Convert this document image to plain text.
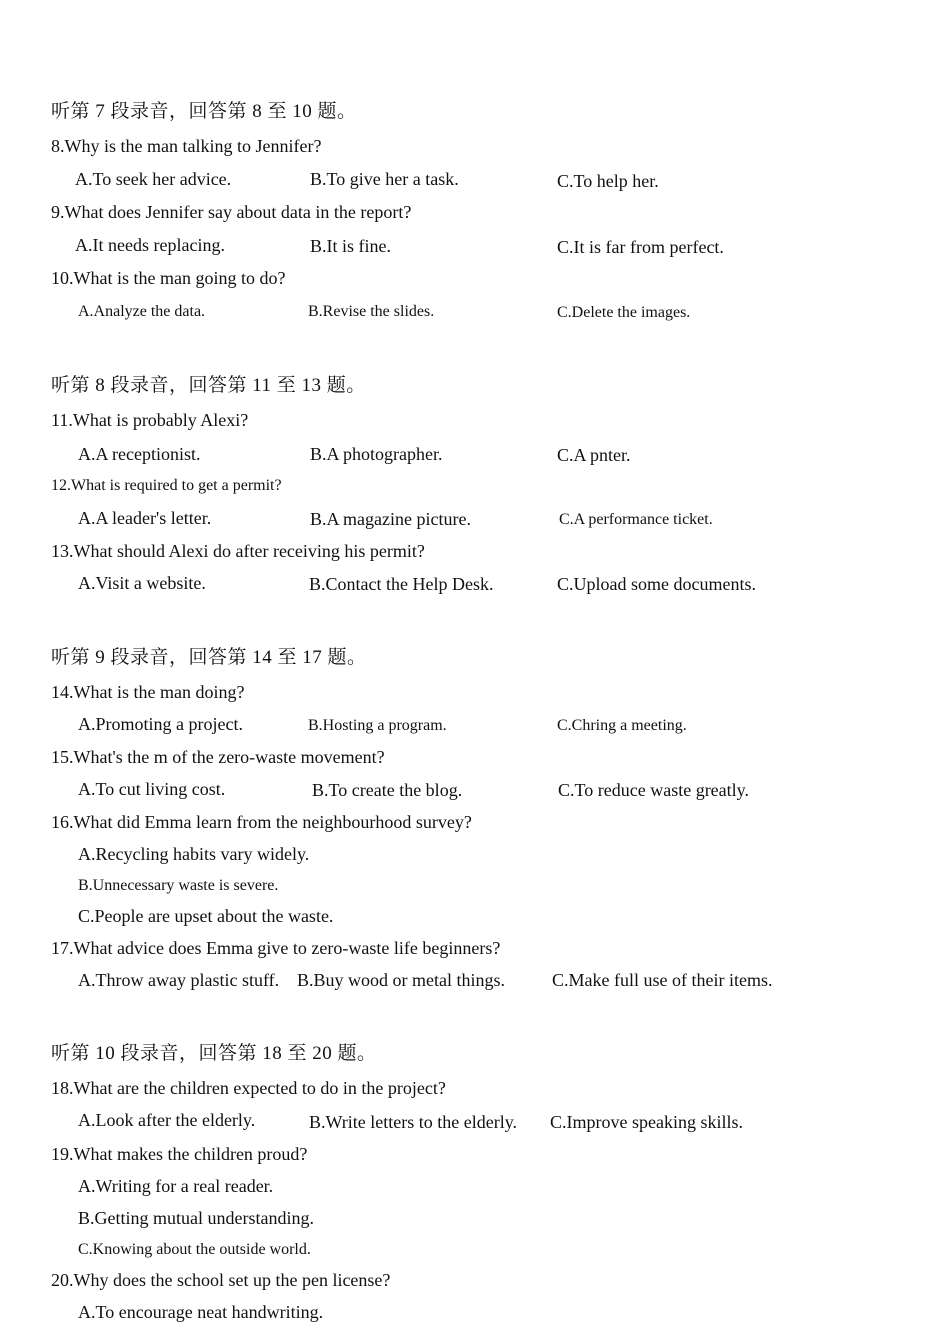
听第 7 段录音，回答第 8 至 10 题。
8.Why is the man talking to Jennifer?
A.To seek her advice.	B.To give her a task.	C.To help her.
9.What does Jennifer say about data in the report?
A.It needs replacing.	B.It is fine.	C.It is far from perfect.
10.What is the man going to do?
A.Analyze the data.	B.Revise the slides.	C.Delete the images.
听第 8 段录音，回答第 11 至 13 题。
11.What is probably Alexi?
A.A receptionist.	B.A photographer.	C.A pnter.
12.What is required to get a permit?
A.A leader's letter.	B.A magazine picture.	C.A performance ticket.
13.What should Alexi do after receiving his permit?
A.Visit a website.	B.Contact the Help Desk.	C.Upload some documents.
听第 9 段录音，回答第 14 至 17 题。
14.What is the man doing?
A.Promoting a project.	B.Hosting a program.	C.Chring a meeting.
15.What's the m of the zero-waste movement?
A.To cut living cost.	B.To create the blog.	C.To reduce waste greatly.
16.What did Emma learn from the neighbourhood survey?
A.Recycling habits vary widely.
B.Unnecessary waste is severe.
C.People are upset about the waste.
17.What advice does Emma give to zero-waste life beginners?
A.Throw away plastic stuff. B.Buy wood or metal things.	C.Make full use of their items.
听第 10 段录音，回答第 18 至 20 题。
18.What are the children expected to do in the project?
A.Look after the elderly.	B.Write letters to the elderly. C.Improve speaking skills.
19.What makes the children proud?
A.Writing for a real reader.
B.Getting mutual understanding.
C.Knowing about the outside world.
20.Why does the school set up the pen license?
A.To encourage neat handwriting.
